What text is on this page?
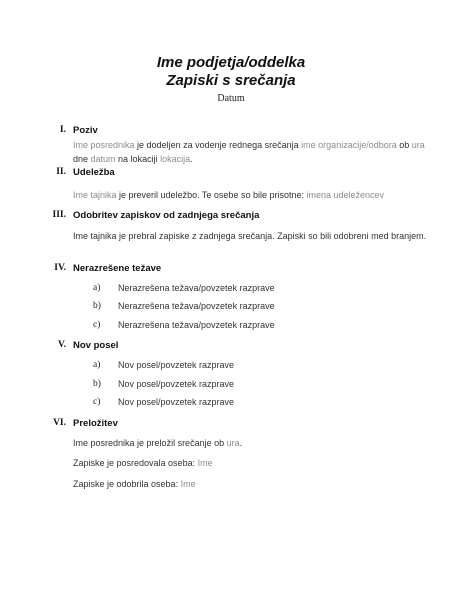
Ime podjetja/oddelka
Zapiski s srečanja
Datum
I. Poziv
Ime posrednika je dodeljen za vodenje rednega srečanja ime organizacije/odbora ob ura dne datum na lokaciji lokacija.
II. Udeležba
Ime tajnika je preveril udeležbo. Te osebe so bile prisotne: imena udeležencev
III. Odobritev zapiskov od zadnjega srečanja
Ime tajnika je prebral zapiske z zadnjega srečanja. Zapiski so bili odobreni med branjem.
IV. Nerazrešene težave
a) Nerazrešena težava/povzetek razprave
b) Nerazrešena težava/povzetek razprave
c) Nerazrešena težava/povzetek razprave
V. Nov posel
a) Nov posel/povzetek razprave
b) Nov posel/povzetek razprave
c) Nov posel/povzetek razprave
VI. Preložitev
Ime posrednika je preložil srečanje ob ura.
Zapiske je posredovala oseba: Ime
Zapiske je odobrila oseba: Ime
